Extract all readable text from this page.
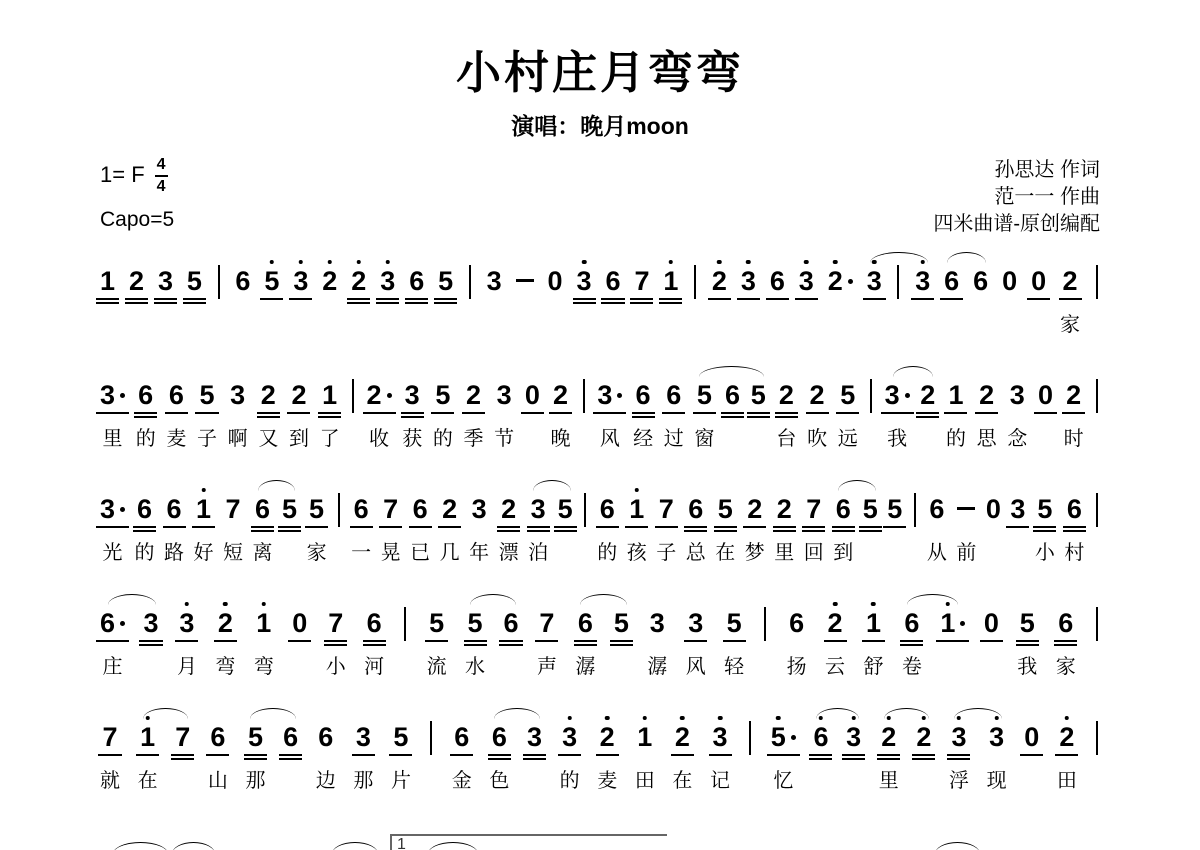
小村庄月弯弯
演唱：晚月moon
1= F 4
4
Capo=5
孙思达 作词
范一一 作曲
四米曲谱-原创编配
1
2
3
5

6
5
3
2
2
3
6
5

3

0
3
6
7
1

2
3
6
3
2
3

3
6
6
0
0
2
家

3
里
6
的
6
麦
5
子
3
啊
2
又
2
到
1
了

2
收
3
获
5
的
2
季
3
节
0
2
晚

3
风
6
经
6
过
5
窗
6
5
2
台
2
吹
5
远

3
我
2
1
的
2
思
3
念
0
2
时

3
光
6
的
6
路
1
好
7
短
6
离
5
5
家

6
一
7
晃
6
已
2
几
3
年
2
漂
3
泊
5

6
的
1
孩
7
子
6
总
5
在
2
梦
2
里
7
回
6
到
5
5

6
从 前
0
3
5
小
6
村

6
庄
3
3
月
2
弯
1
弯
0
7
小
6
河

5
流
5
水
6
7
声
6
潺
5
3
潺
3
风
5
轻

6
扬
2
云
1
舒
6
卷
1
0
5
我
6
家

7
就
1
在
7
6
山
5
那
6
6
边
3
那
5
片

6
金
6
色
3
3
的
2
麦
1
田
2
在
3
记

5
忆
6
3
2
里
2
3
浮
3
现
0
2
田

1
